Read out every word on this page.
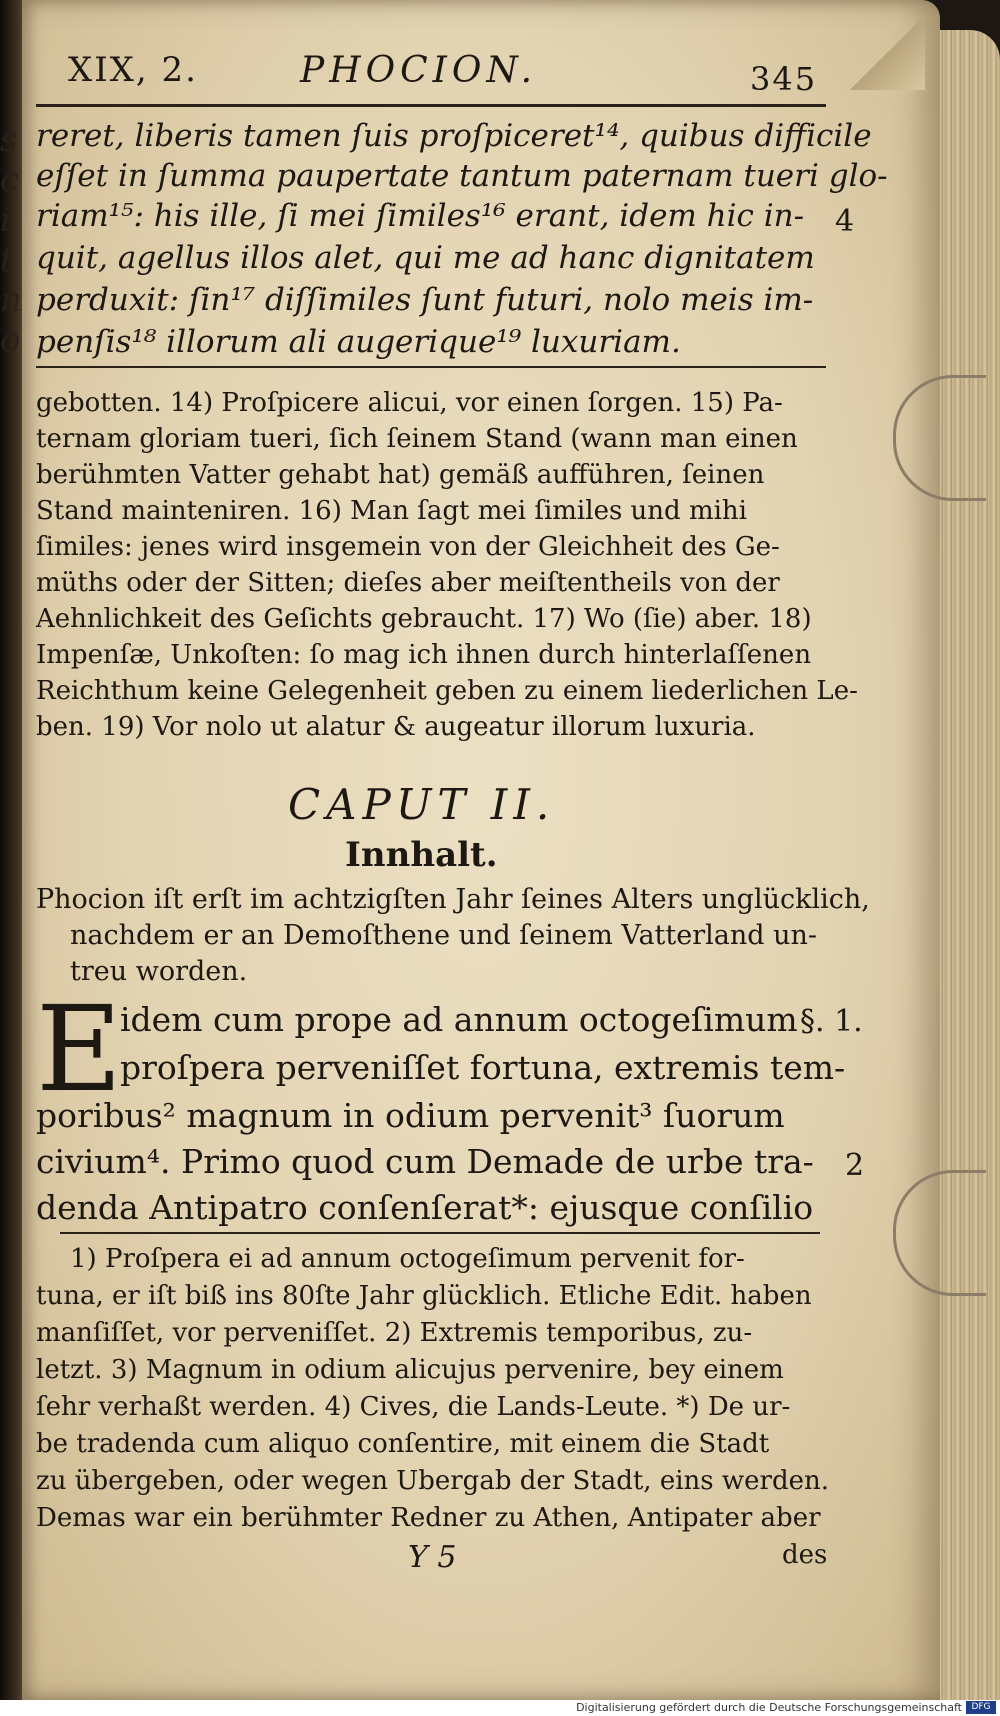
s
c
i
t
n
o
XIX, 2.	PHOCION.	345
reret, liberis tamen ſuis proſpiceret¹⁴, quibus difficile
eſſet in ſumma paupertate tantum paternam tueri glo-
riam¹⁵: his ille, ſi mei ſimiles¹⁶ erant, idem hic in-
quit, agellus illos alet, qui me ad hanc dignitatem
perduxit: ſin¹⁷ diſſimiles ſunt futuri, nolo meis im-
penſis¹⁸ illorum ali augerique¹⁹ luxuriam.
4
gebotten. 14) Proſpicere alicui, vor einen ſorgen. 15) Pa-
ternam gloriam tueri, ſich ſeinem Stand (wann man einen
berühmten Vatter gehabt hat) gemäß aufführen, ſeinen
Stand mainteniren. 16) Man ſagt mei ſimiles und mihi
ſimiles: jenes wird insgemein von der Gleichheit des Ge-
müths oder der Sitten; dieſes aber meiſtentheils von der
Aehnlichkeit des Geſichts gebraucht. 17) Wo (ſie) aber. 18)
Impenſæ, Unkoſten: ſo mag ich ihnen durch hinterlaſſenen
Reichthum keine Gelegenheit geben zu einem liederlichen Le-
ben. 19) Vor nolo ut alatur & augeatur illorum luxuria.
CAPUT II.
Innhalt.
Phocion iſt erſt im achtzigſten Jahr ſeines Alters unglücklich,
nachdem er an Demoſthene und ſeinem Vatterland un-
treu worden.
E
idem cum prope ad annum octogeſimum
proſpera perveniſſet fortuna, extremis tem-
poribus² magnum in odium pervenit³ ſuorum
civium⁴. Primo quod cum Demade de urbe tra-
denda Antipatro conſenſerat*: ejusque conſilio
§. 1.
2
1) Proſpera ei ad annum octogeſimum pervenit for-
tuna, er iſt biß ins 80ſte Jahr glücklich. Etliche Edit. haben
manſiſſet, vor perveniſſet. 2) Extremis temporibus, zu-
letzt. 3) Magnum in odium alicujus pervenire, bey einem
ſehr verhaßt werden. 4) Cives, die Lands-Leute. *) De ur-
be tradenda cum aliquo conſentire, mit einem die Stadt
zu übergeben, oder wegen Ubergab der Stadt, eins werden.
Demas war ein berühmter Redner zu Athen, Antipater aber
Y 5	des
Digitalisierung gefördert durch die Deutsche Forschungsgemeinschaft	DFG
